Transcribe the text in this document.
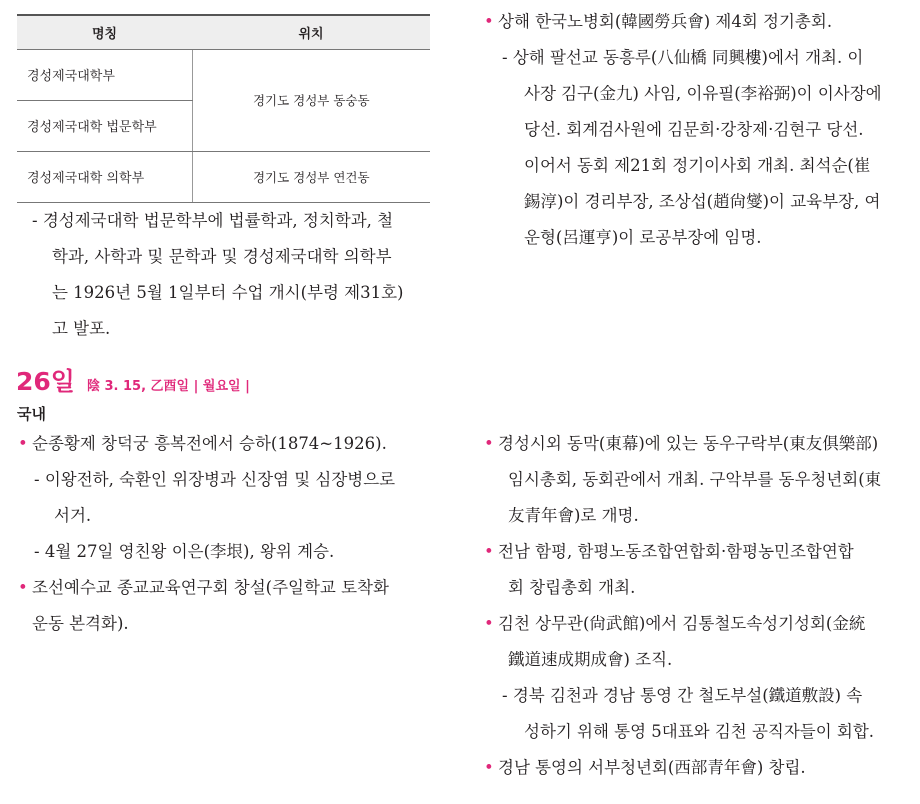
명칭	위치
경성제국대학부	경기도 경성부 동숭동
경성제국대학 법문학부	
경성제국대학 의학부	경기도 경성부 연건동
- 경성제국대학 법문학부에 법률학과, 정치학과, 철
학과, 사학과 및 문학과 및 경성제국대학 의학부
는 1926년 5월 1일부터 수업 개시(부령 제31호)
고 발포.
26일 陰 3. 15, 乙酉일 | 월요일 |
국내
• 순종황제 창덕궁 흥복전에서 승하(1874~1926).
- 이왕전하, 숙환인 위장병과 신장염 및 심장병으로
서거.
- 4월 27일 영친왕 이은(李垠), 왕위 계승.
• 조선예수교 종교교육연구회 창설(주일학교 토착화
운동 본격화).
• 상해 한국노병회(韓國勞兵會) 제4회 정기총회.
- 상해 팔선교 동흥루(八仙橋 同興樓)에서 개최. 이
사장 김구(金九) 사임, 이유필(李裕弼)이 이사장에
당선. 회계검사원에 김문희·강창제·김현구 당선.
이어서 동회 제21회 정기이사회 개최. 최석순(崔
錫淳)이 경리부장, 조상섭(趙尙燮)이 교육부장, 여
운형(呂運亨)이 로공부장에 임명.
• 경성시외 동막(東幕)에 있는 동우구락부(東友俱樂部)
임시총회, 동회관에서 개최. 구악부를 동우청년회(東
友青年會)로 개명.
• 전남 함평, 함평노동조합연합회·함평농민조합연합
회 창립총회 개최.
• 김천 상무관(尙武館)에서 김통철도속성기성회(金統
鐵道速成期成會) 조직.
- 경북 김천과 경남 통영 간 철도부설(鐵道敷設) 속
성하기 위해 통영 5대표와 김천 공직자들이 회합.
• 경남 통영의 서부청년회(西部青年會) 창립.
